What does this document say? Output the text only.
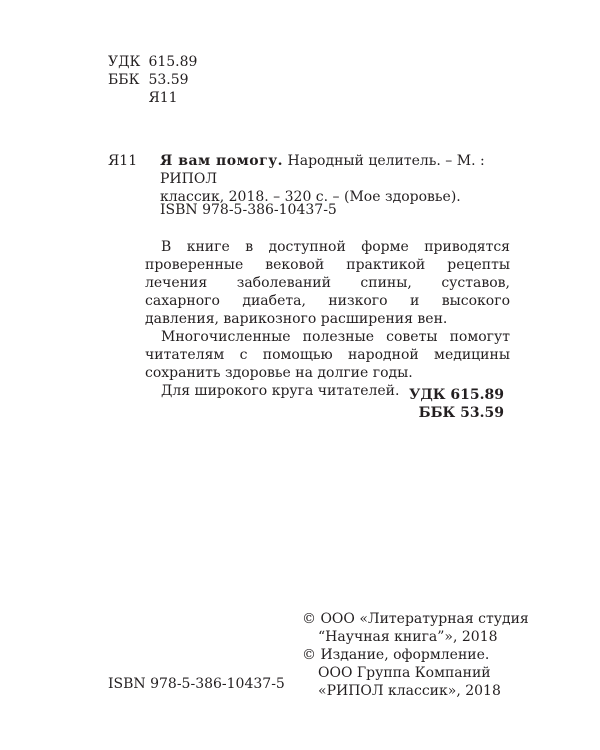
УДК 615.89
ББК 53.59
Я11
Я11 Я вам помогу. Народный целитель. – М. : РИПОЛ
классик, 2018. – 320 с. – (Мое здоровье).
ISBN 978-5-386-10437-5

В книге в доступной форме приводятся проверенные вековой практикой рецепты лечения заболеваний спины, суставов, сахарного диабета, низкого и высокого давления, варикозного расширения вен.

Многочисленные полезные советы помогут читателям с помощью народной медицины сохранить здоровье на долгие годы.

Для широкого круга читателей. УДК 615.89
ББК 53.59
© ООО «Литературная студия
“Научная книга”», 2018
© Издание, оформление.
ООО Группа Компаний
«РИПОЛ классик», 2018
ISBN 978-5-386-10437-5
